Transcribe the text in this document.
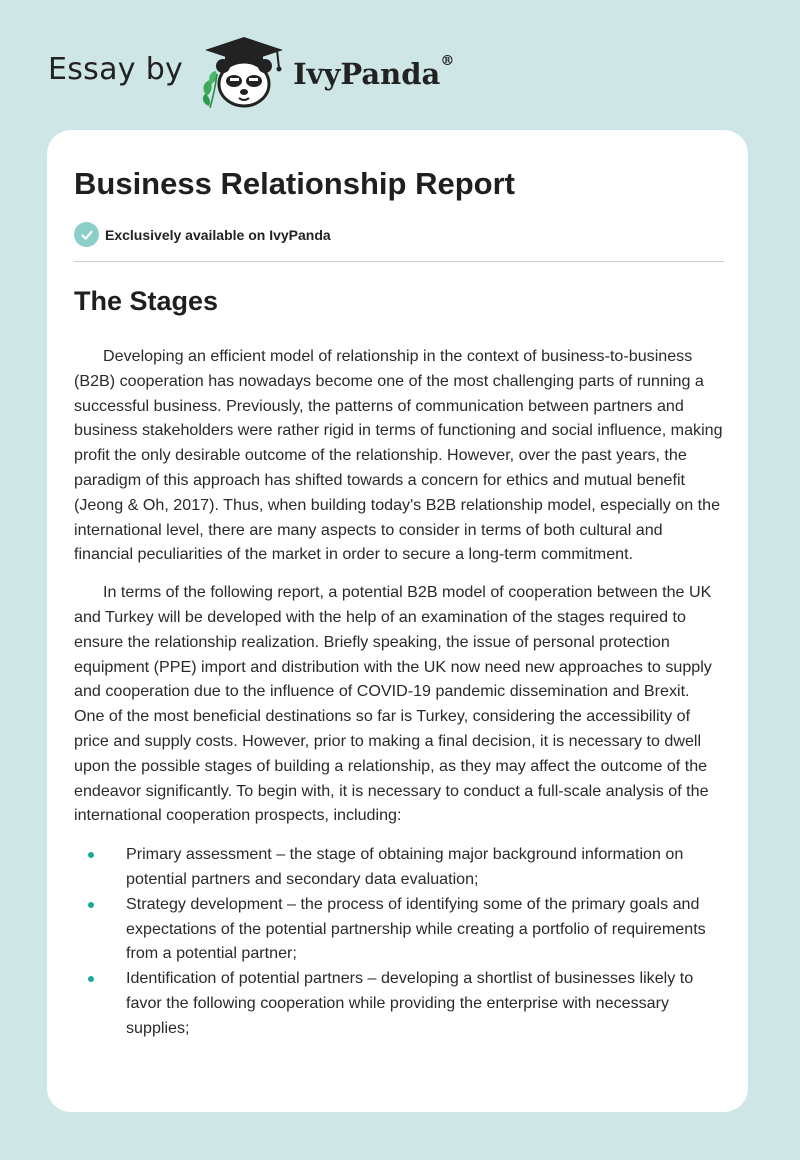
Essay by	IvyPanda®
Business Relationship Report
Exclusively available on IvyPanda
The Stages

Developing an efficient model of relationship in the context of business-to-business (B2B) cooperation has nowadays become one of the most challenging parts of running a successful business. Previously, the patterns of communication between partners and business stakeholders were rather rigid in terms of functioning and social influence, making profit the only desirable outcome of the relationship. However, over the past years, the paradigm of this approach has shifted towards a concern for ethics and mutual benefit (Jeong & Oh, 2017). Thus, when building today's B2B relationship model, especially on the international level, there are many aspects to consider in terms of both cultural and financial peculiarities of the market in order to secure a long-term commitment.

In terms of the following report, a potential B2B model of cooperation between the UK and Turkey will be developed with the help of an examination of the stages required to ensure the relationship realization. Briefly speaking, the issue of personal protection equipment (PPE) import and distribution with the UK now need new approaches to supply and cooperation due to the influence of COVID-19 pandemic dissemination and Brexit. One of the most beneficial destinations so far is Turkey, considering the accessibility of price and supply costs. However, prior to making a final decision, it is necessary to dwell upon the possible stages of building a relationship, as they may affect the outcome of the endeavor significantly. To begin with, it is necessary to conduct a full-scale analysis of the international cooperation prospects, including:

Primary assessment – the stage of obtaining major background information on potential partners and secondary data evaluation;
Strategy development – the process of identifying some of the primary goals and expectations of the potential partnership while creating a portfolio of requirements from a potential partner;
Identification of potential partners – developing a shortlist of businesses likely to favor the following cooperation while providing the enterprise with necessary supplies;
